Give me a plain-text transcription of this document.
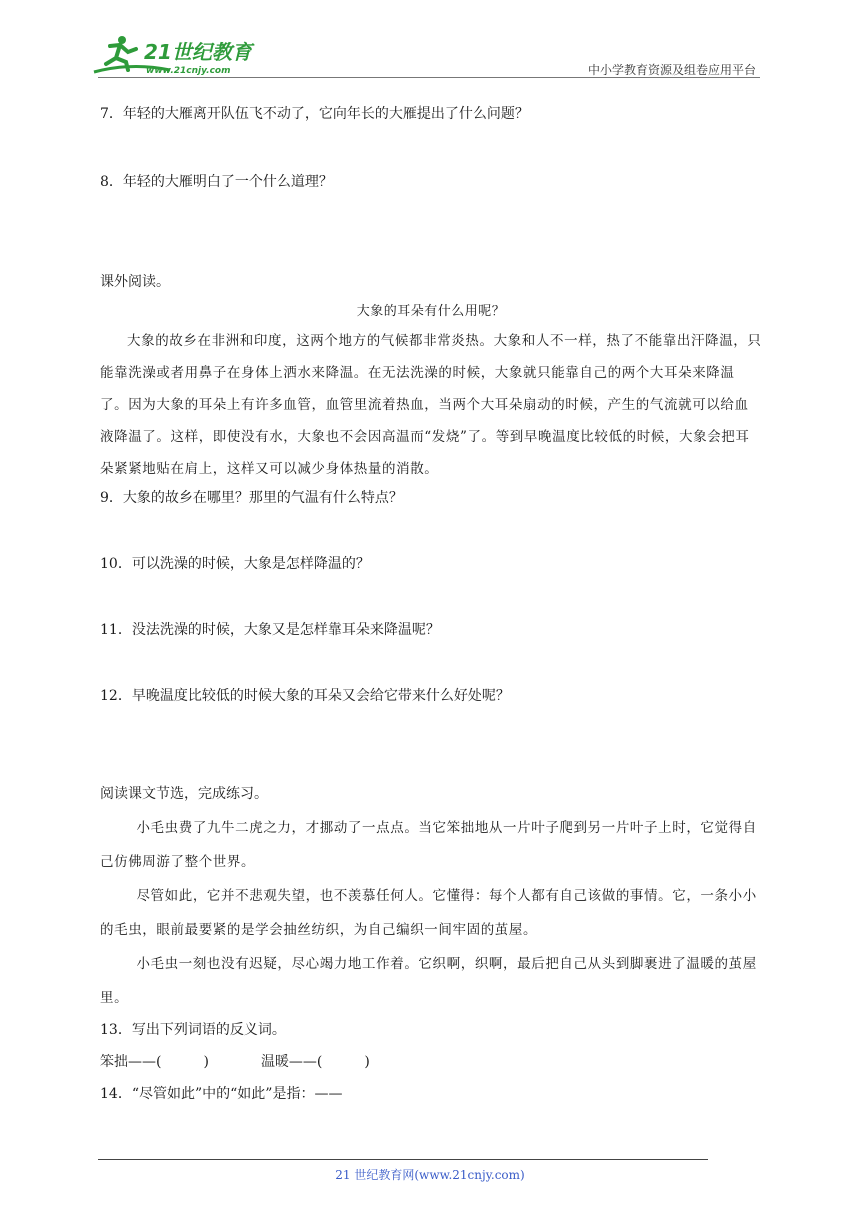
21世纪教育
www.21cnjy.com	中小学教育资源及组卷应用平台

7．年轻的大雁离开队伍飞不动了，它向年长的大雁提出了什么问题？

8．年轻的大雁明白了一个什么道理？

课外阅读。

大象的耳朵有什么用呢？

大象的故乡在非洲和印度，这两个地方的气候都非常炎热。大象和人不一样，热了不能靠出汗降温，只能靠洗澡或者用鼻子在身体上洒水来降温。在无法洗澡的时候，大象就只能靠自己的两个大耳朵来降温了。因为大象的耳朵上有许多血管，血管里流着热血，当两个大耳朵扇动的时候，产生的气流就可以给血液降温了。这样，即使没有水，大象也不会因高温而“发烧”了。等到早晚温度比较低的时候，大象会把耳朵紧紧地贴在肩上，这样又可以减少身体热量的消散。

9．大象的故乡在哪里？那里的气温有什么特点？

10．可以洗澡的时候，大象是怎样降温的？

11．没法洗澡的时候，大象又是怎样靠耳朵来降温呢？

12．早晚温度比较低的时候大象的耳朵又会给它带来什么好处呢？

阅读课文节选，完成练习。

小毛虫费了九牛二虎之力，才挪动了一点点。当它笨拙地从一片叶子爬到另一片叶子上时，它觉得自己仿佛周游了整个世界。

尽管如此，它并不悲观失望，也不羡慕任何人。它懂得：每个人都有自己该做的事情。它，一条小小的毛虫，眼前最要紧的是学会抽丝纺织，为自己编织一间牢固的茧屋。

小毛虫一刻也没有迟疑，尽心竭力地工作着。它织啊，织啊，最后把自己从头到脚裹进了温暖的茧屋里。

13．写出下列词语的反义词。

笨拙——(　　　)	温暖——(　　　)

14．“尽管如此”中的“如此”是指：——

21 世纪教育网(www.21cnjy.com)
